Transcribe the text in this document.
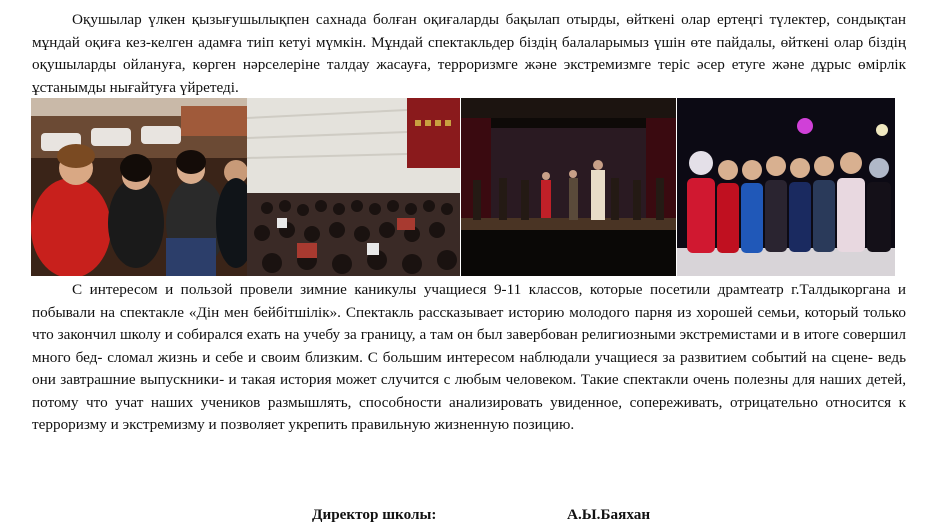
Оқушылар үлкен қызығушылықпен сахнада болған оқиғаларды бақылап отырды, өйткені олар ертеңгі түлектер, сондықтан мұндай оқиға кез-келген адамға тиіп кетуі мүмкін. Мұндай спектакльдер біздің балаларымыз үшін өте пайдалы, өйткені олар біздің оқушыларды ойлануға, көрген нәрселеріне талдау жасауға, терроризмге және экстремизмге теріс әсер етуге және дұрыс өмірлік ұстанымды нығайтуға үйретеді.

С интересом и пользой провели зимние каникулы учащиеся 9-11 классов, которые посетили драмтеатр г.Талдыкоргана и побывали на спектакле «Дін мен бейбітшілік». Спектакль рассказывает историю молодого парня из хорошей семьи, который только что закончил школу и собирался ехать на учебу за границу, а там он был завербован религиозными экстремистами и в итоге совершил много бед- сломал жизнь и себе и своим близким. С большим интересом наблюдали учащиеся за развитием событий на сцене- ведь они завтрашние выпускники- и такая история может случится с любым человеком. Такие спектакли очень полезны для наших детей, потому что учат наших учеников размышлять, способности анализировать увиденное, сопереживать, отрицательно относится к терроризму и экстремизму и позволяет укрепить правильную жизненную позицию.

Директор школы:	А.Ы.Баяхан
